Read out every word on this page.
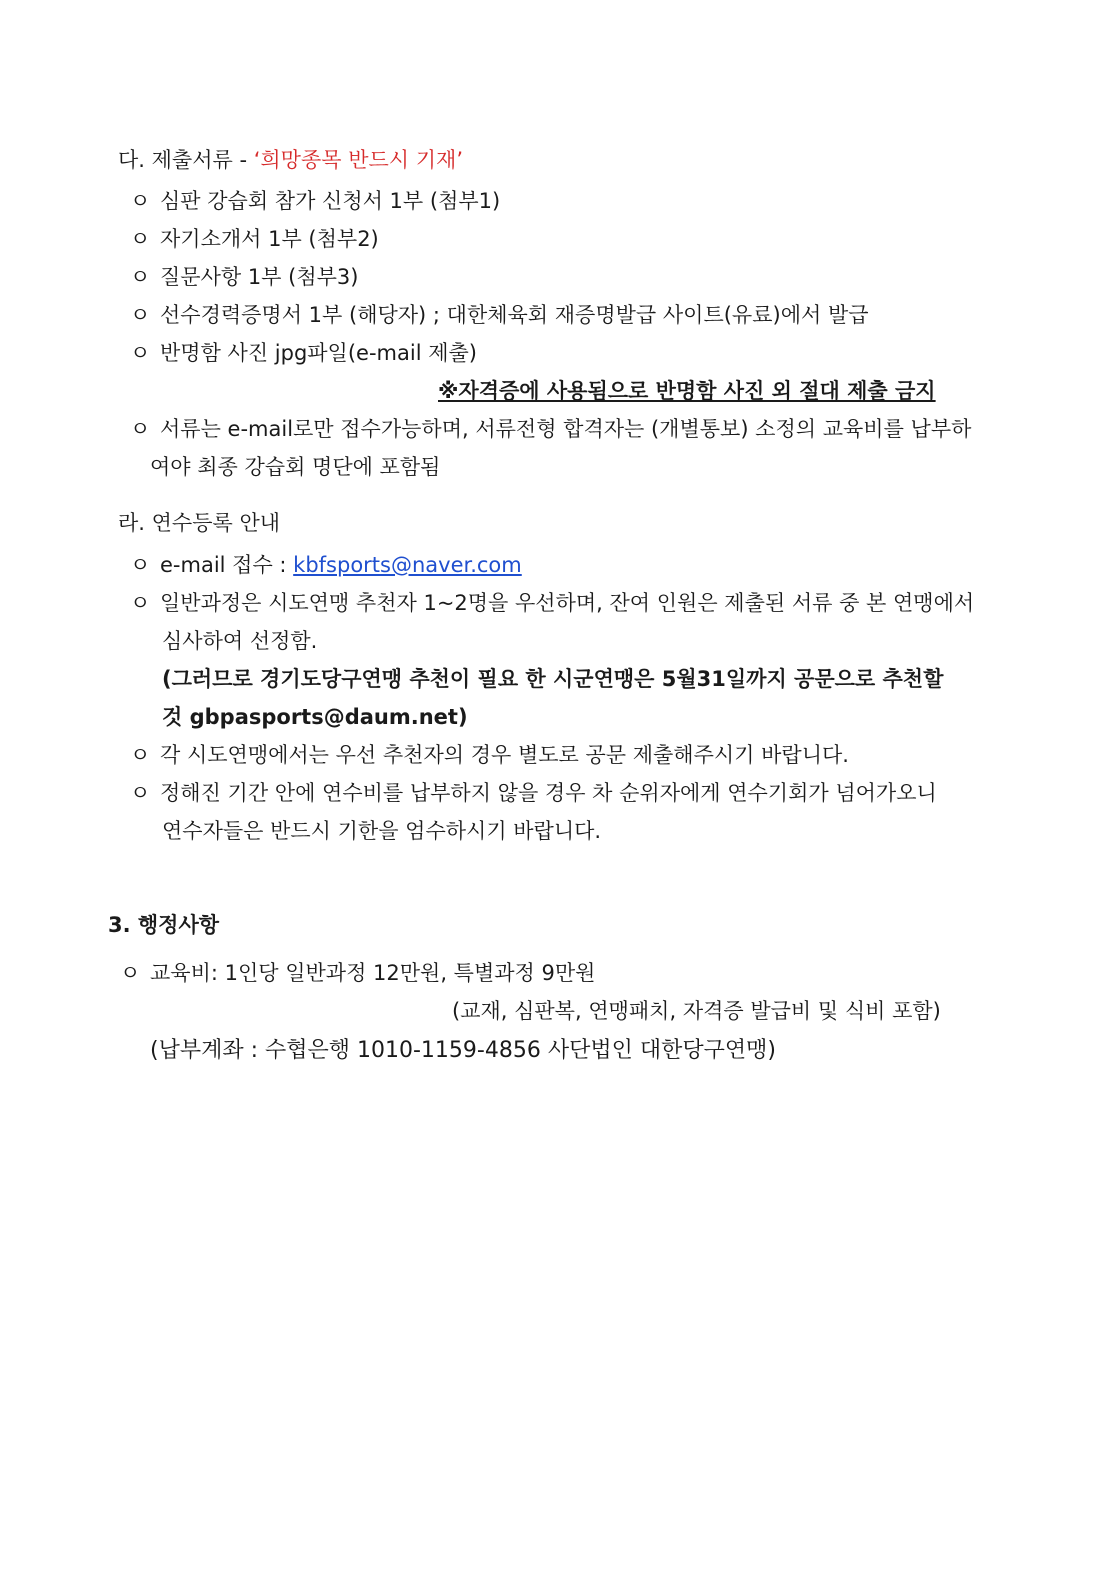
다. 제출서류 - ‘희망종목 반드시 기재’
ㅇ 심판 강습회 참가 신청서 1부 (첨부1)
ㅇ 자기소개서 1부 (첨부2)
ㅇ 질문사항 1부 (첨부3)
ㅇ 선수경력증명서 1부 (해당자) ; 대한체육회 재증명발급 사이트(유료)에서 발급
ㅇ 반명함 사진 jpg파일(e-mail 제출)
※자격증에 사용됨으로 반명함 사진 외 절대 제출 금지
ㅇ 서류는 e-mail로만 접수가능하며, 서류전형 합격자는 (개별통보) 소정의 교육비를 납부하
여야 최종 강습회 명단에 포함됨
라. 연수등록 안내
ㅇ e-mail 접수 : kbfsports@naver.com
ㅇ 일반과정은 시도연맹 추천자 1~2명을 우선하며, 잔여 인원은 제출된 서류 중 본 연맹에서
심사하여 선정함.
(그러므로 경기도당구연맹 추천이 필요 한 시군연맹은 5월31일까지 공문으로 추천할
것 gbpasports@daum.net)
ㅇ 각 시도연맹에서는 우선 추천자의 경우 별도로 공문 제출해주시기 바랍니다.
ㅇ 정해진 기간 안에 연수비를 납부하지 않을 경우 차 순위자에게 연수기회가 넘어가오니
연수자들은 반드시 기한을 엄수하시기 바랍니다.
3. 행정사항
ㅇ 교육비: 1인당 일반과정 12만원, 특별과정 9만원
(교재, 심판복, 연맹패치, 자격증 발급비 및 식비 포함)
(납부계좌 : 수협은행 1010-1159-4856 사단법인 대한당구연맹)
